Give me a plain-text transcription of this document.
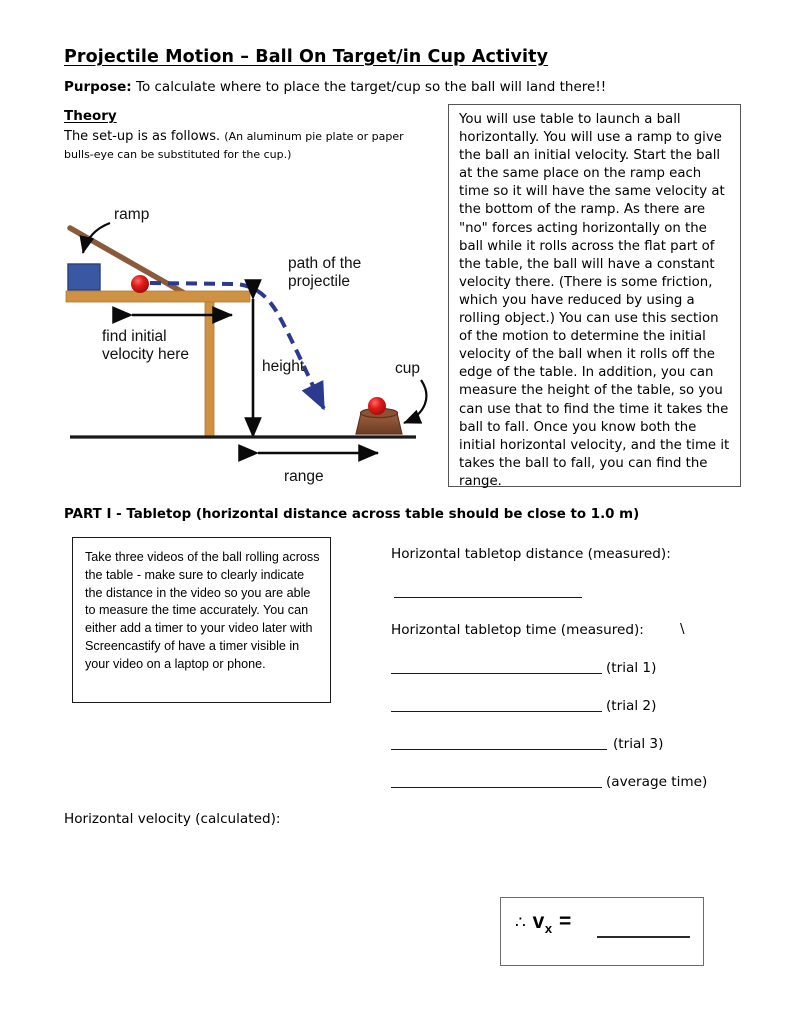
Projectile Motion – Ball On Target/in Cup Activity
Purpose: To calculate where to place the target/cup so the ball will land there!!
Theory
The set-up is as follows. (An aluminum pie plate or paper
bulls-eye can be substituted for the cup.)
You will use table to launch a ball horizontally. You will use a ramp to give the ball an initial velocity. Start the ball at the same place on the ramp each time so it will have the same velocity at the bottom of the ramp. As there are "no" forces acting horizontally on the ball while it rolls across the flat part of the table, the ball will have a constant velocity there. (There is some friction, which you have reduced by using a rolling object.) You can use this section of the motion to determine the initial velocity of the ball when it rolls off the edge of the table. In addition, you can measure the height of the table, so you can use that to find the time it takes the ball to fall. Once you know both the initial horizontal velocity, and the time it takes the ball to fall, you can find the range.
ramp
path of the
projectile
find initial
velocity here
height	cup
range
PART I - Tabletop (horizontal distance across table should be close to 1.0 m)
Take three videos of the ball rolling across the table - make sure to clearly indicate the distance in the video so you are able to measure the time accurately. You can either add a timer to your video later with Screencastify of have a timer visible in your video on a laptop or phone.
Horizontal tabletop distance (measured):
Horizontal tabletop time (measured):	\
(trial 1)
(trial 2)
(trial 3)
(average time)
Horizontal velocity (calculated):
∴ $v_x$ =
